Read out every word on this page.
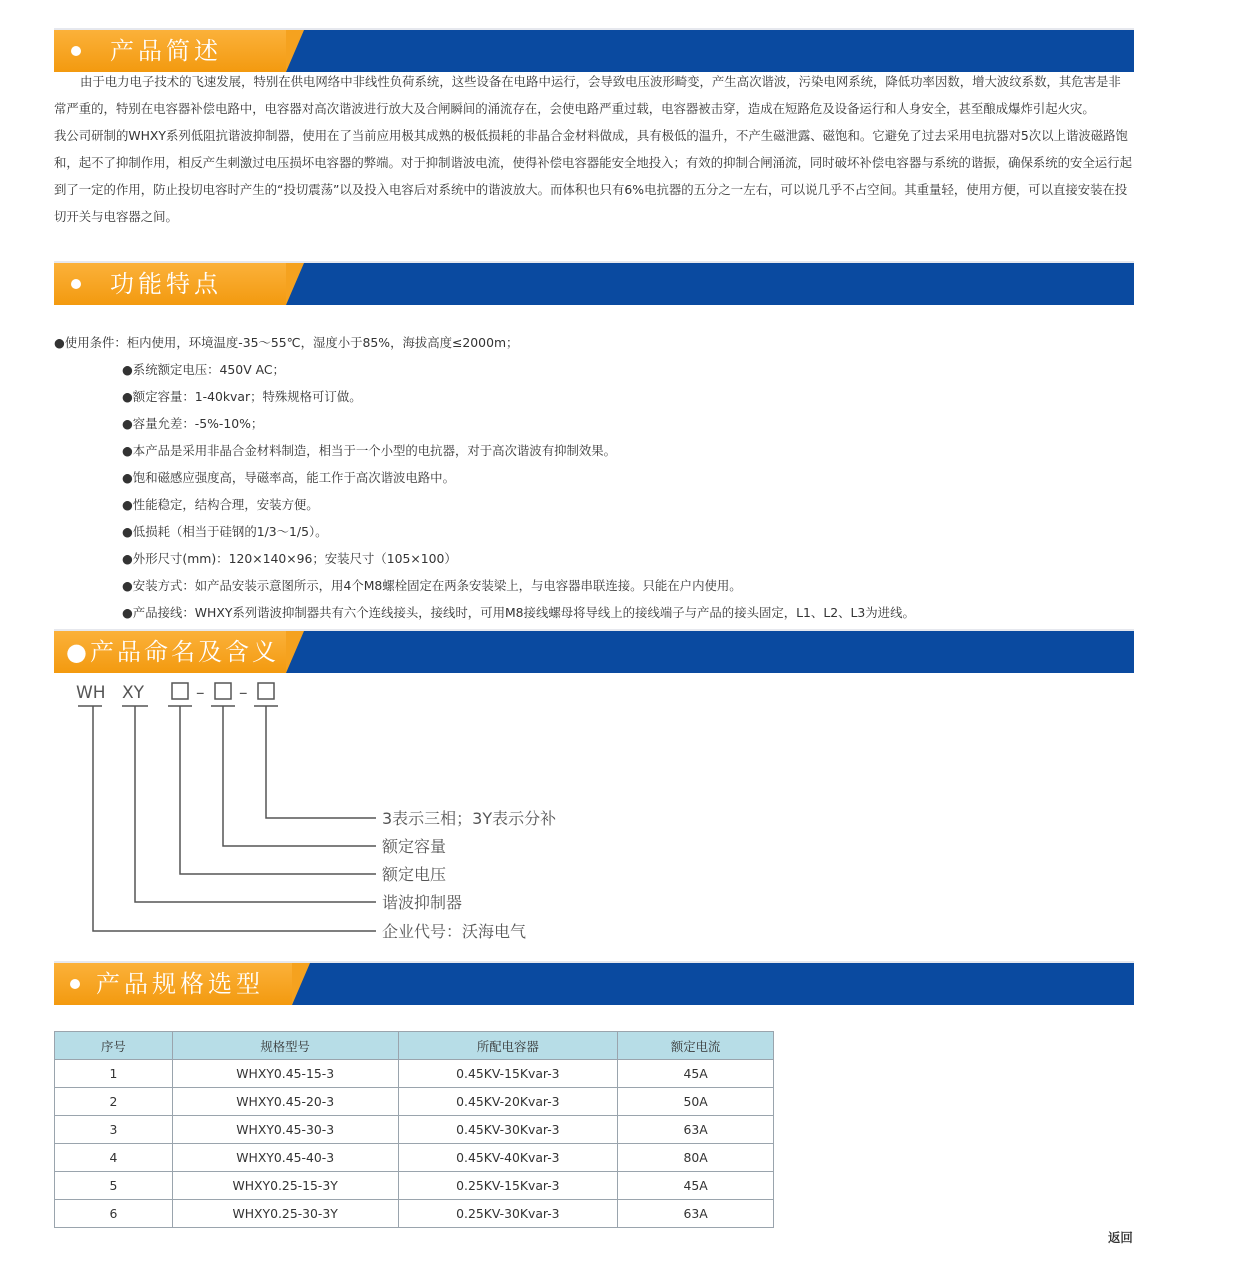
产品简述

由于电力电子技术的飞速发展，特别在供电网络中非线性负荷系统，这些设备在电路中运行，会导致电压波形畸变，产生高次谐波，污染电网系统，降低功率因数，增大波纹系数，其危害是非常严重的，特别在电容器补偿电路中，电容器对高次谐波进行放大及合闸瞬间的涌流存在，会使电路严重过载，电容器被击穿，造成在短路危及设备运行和人身安全，甚至酿成爆炸引起火灾。

我公司研制的WHXY系列低阻抗谐波抑制器，使用在了当前应用极其成熟的极低损耗的非晶合金材料做成，具有极低的温升，不产生磁泄露、磁饱和。它避免了过去采用电抗器对5次以上谐波磁路饱和，起不了抑制作用，相反产生刺激过电压损坏电容器的弊端。对于抑制谐波电流，使得补偿电容器能安全地投入；有效的抑制合闸涌流，同时破坏补偿电容器与系统的谐振，确保系统的安全运行起到了一定的作用，防止投切电容时产生的“投切震荡”以及投入电容后对系统中的谐波放大。而体积也只有6%电抗器的五分之一左右，可以说几乎不占空间。其重量轻，使用方便，可以直接安装在投切开关与电容器之间。

功能特点
●使用条件：柜内使用，环境温度-35～55℃，湿度小于85%，海拔高度≤2000m；
●系统额定电压：450V AC；
●额定容量：1-40kvar；特殊规格可订做。
●容量允差：-5%-10%；
●本产品是采用非晶合金材料制造，相当于一个小型的电抗器，对于高次谐波有抑制效果。
●饱和磁感应强度高，导磁率高，能工作于高次谐波电路中。
●性能稳定，结构合理，安装方便。
●低损耗（相当于硅钢的1/3～1/5）。
●外形尺寸(mm)：120×140×96；安装尺寸（105×100）
●安装方式：如产品安装示意图所示，用4个M8螺栓固定在两条安装梁上，与电容器串联连接。只能在户内使用。
●产品接线：WHXY系列谐波抑制器共有六个连线接头，接线时，可用M8接线螺母将导线上的接线端子与产品的接头固定，L1、L2、L3为进线。
●产品命名及含义
WH XY	– –
3表示三相；3Y表示分补
额定容量
额定电压
谐波抑制器
企业代号：沃海电气
产品规格选型
序号	规格型号	所配电容器	额定电流
1	WHXY0.45-15-3	0.45KV-15Kvar-3	45A
2	WHXY0.45-20-3	0.45KV-20Kvar-3	50A
3	WHXY0.45-30-3	0.45KV-30Kvar-3	63A
4	WHXY0.45-40-3	0.45KV-40Kvar-3	80A
5	WHXY0.25-15-3Y	0.25KV-15Kvar-3	45A
6	WHXY0.25-30-3Y	0.25KV-30Kvar-3	63A
返回
